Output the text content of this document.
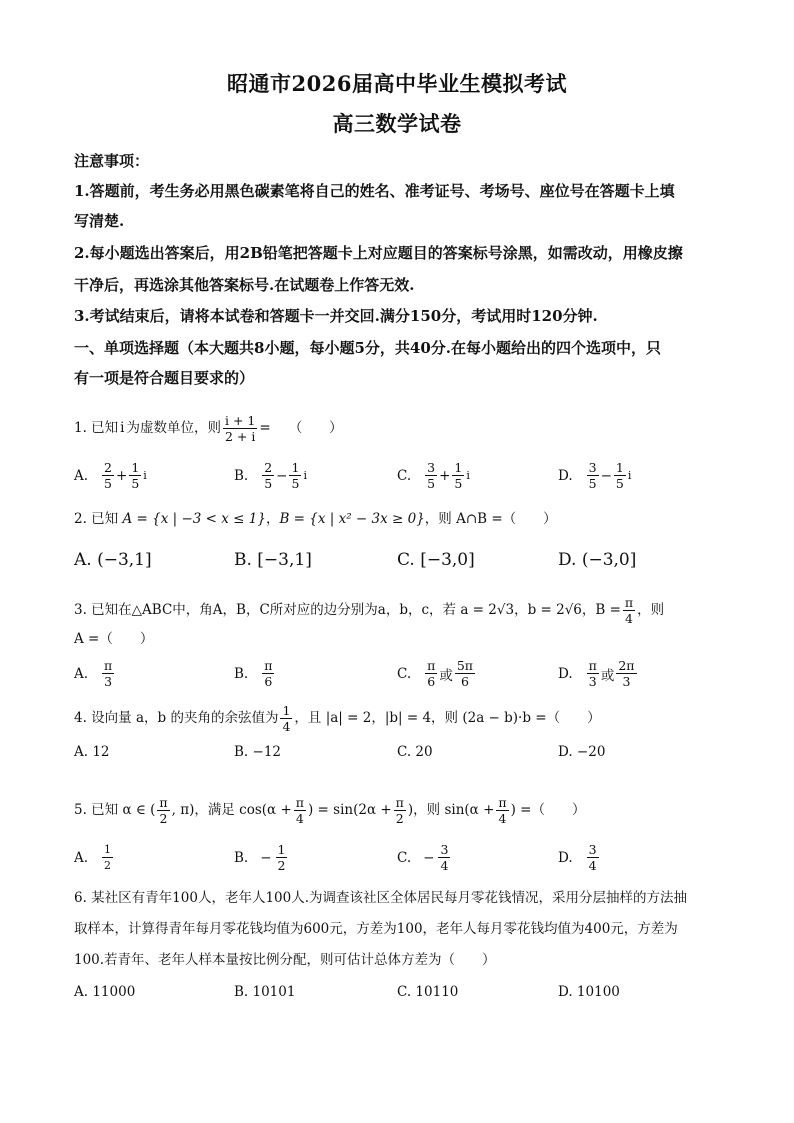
昭通市2026届高中毕业生模拟考试
高三数学试卷
注意事项：
1.答题前，考生务必用黑色碳素笔将自己的姓名、准考证号、考场号、座位号在答题卡上填
写清楚.
2.每小题选出答案后，用2B铅笔把答题卡上对应题目的答案标号涂黑，如需改动，用橡皮擦
干净后，再选涂其他答案标号.在试题卷上作答无效.
3.考试结束后，请将本试卷和答题卡一并交回.满分150分，考试用时120分钟.
一、单项选择题（本大题共8小题，每小题5分，共40分.在每小题给出的四个选项中，只
有一项是符合题目要求的）
1. 已知 i 为虚数单位，则 $\frac{i + 1}{2 + i}$ = （　　）
A. $\frac{2}{5} + \frac{1}{5}$ i	B. $\frac{2}{5} - \frac{1}{5}$ i	C. $\frac{3}{5} + \frac{1}{5}$ i	D. $\frac{3}{5} - \frac{1}{5}$ i
2. 已知 A = {x | −3 < x ≤ 1}，B = {x | x² − 3x ≥ 0}，则 A∩B =（　　）
A. (−3,1]	B. [−3,1]	C. [−3,0]	D. (−3,0]
3. 已知在△ABC中，角A，B，C所对应的边分别为a，b，c，若 a = 2√3，b = 2√6，$B = \frac{\pi}{4}$ ，则
A =（　　）
A. $\frac{\pi}{3}$	B. $\frac{\pi}{6}$	C. $\frac{\pi}{6}$ 或 $\frac{5\pi}{6}$	D. $\frac{\pi}{3}$ 或 $\frac{2\pi}{3}$
4. 设向量 a，b 的夹角的余弦值为 $\frac{1}{4}$ ，且 |a| = 2，|b| = 4，则 (2a − b)·b =（　　）
A. 12	B. −12	C. 20	D. −20
5. 已知 α ∈ ( $\frac{\pi}{2}$ , π)，满足 $\cos(\alpha + \frac{\pi}{4}$ ) = $\sin(2\alpha + \frac{\pi}{2}$ )，则 $\sin(\alpha + \frac{\pi}{4}$ ) =（　　）
A. $\frac{1}{2}$	B. − $\frac{1}{2}$	C. − $\frac{3}{4}$	D. $\frac{3}{4}$
6. 某社区有青年100人，老年人100人.为调查该社区全体居民每月零花钱情况，采用分层抽样的方法抽
取样本，计算得青年每月零花钱均值为600元，方差为100，老年人每月零花钱均值为400元，方差为
100.若青年、老年人样本量按比例分配，则可估计总体方差为（　　）
A. 11000	B. 10101	C. 10110	D. 10100
